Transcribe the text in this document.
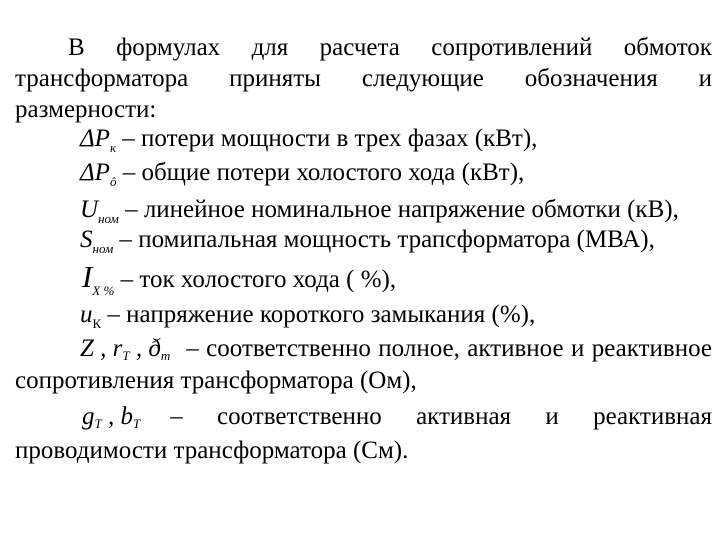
В формулах для расчета сопротивлений обмоток
трансформатора приняты следующие обозначения и
размерности:
$\Delta P_к$ – потери мощности в трех фазах (кВт),
$\Delta P_ô$ – общие потери холостого хода (кВт),
$U_{ном}$ – линейное номинальное напряжение обмотки (кВ),
$S_{ном}$ – помипальная мощность трапсформатора (МВА),
$I_{X \%}$ – ток холостого хода ( %),
$u_К$ – напряжение короткого замыкания (%),
Z , rT , ðт – соответственно полное, активное и реактивное
сопротивления трансформатора (Ом),
gT , bT – соответственно активная и реактивная
проводимости трансформатора (См).
